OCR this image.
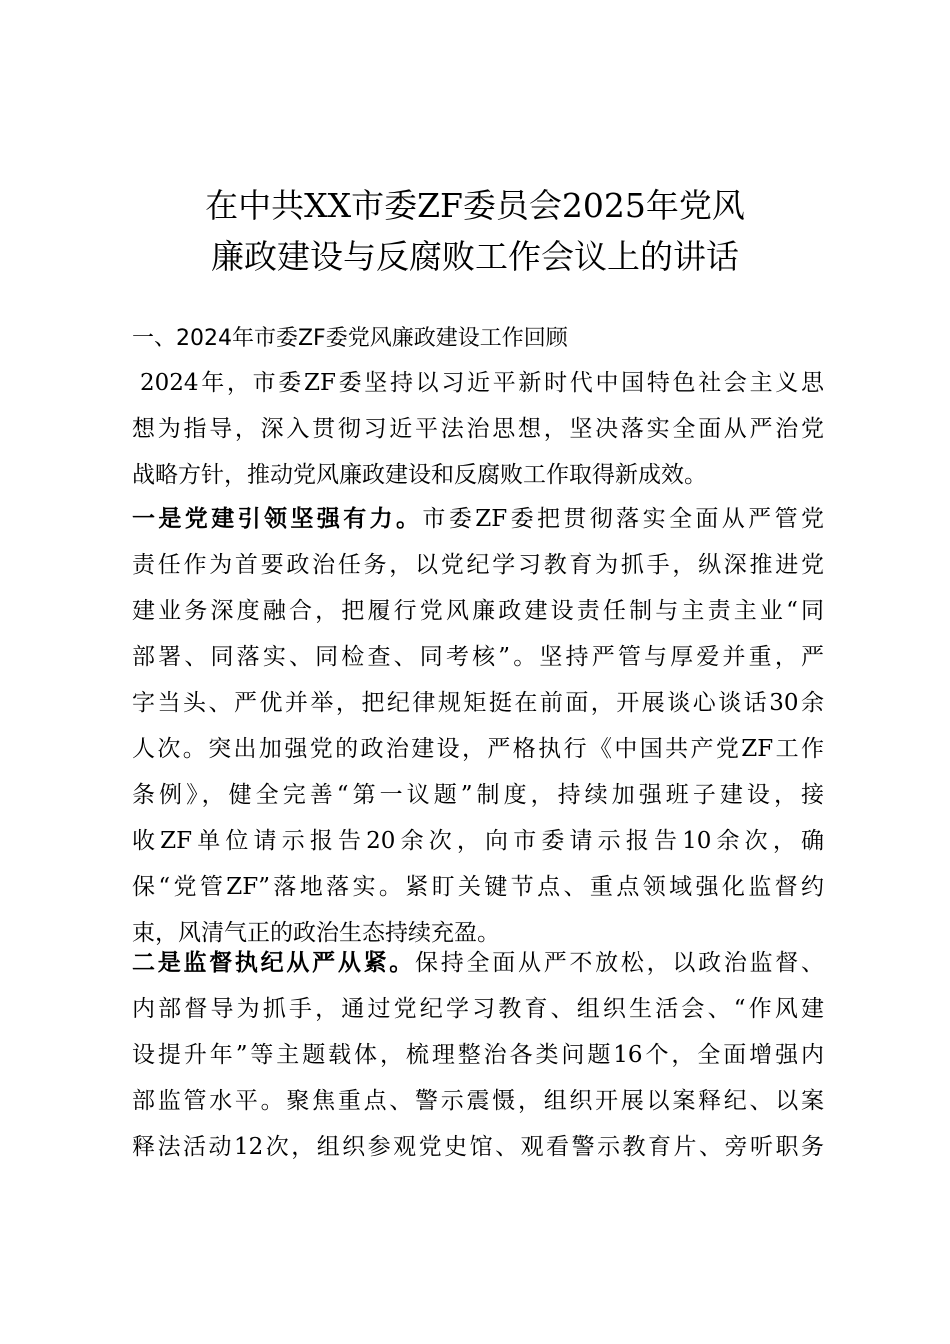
在中共XX市委ZF委员会2025年党风
廉政建设与反腐败工作会议上的讲话
一、2024年市委ZF委党风廉政建设工作回顾
2024年，市委ZF委坚持以习近平新时代中国特色社会主义思
想为指导，深入贯彻习近平法治思想，坚决落实全面从严治党
战略方针，推动党风廉政建设和反腐败工作取得新成效。
一是党建引领坚强有力。市委ZF委把贯彻落实全面从严管党
责任作为首要政治任务，以党纪学习教育为抓手，纵深推进党
建业务深度融合，把履行党风廉政建设责任制与主责主业“同
部署、同落实、同检查、同考核”。坚持严管与厚爱并重，严
字当头、严优并举，把纪律规矩挺在前面，开展谈心谈话30余
人次。突出加强党的政治建设，严格执行《中国共产党ZF工作
条例》，健全完善“第一议题”制度，持续加强班子建设，接
收ZF单位请示报告20余次，向市委请示报告10余次，确
保“党管ZF”落地落实。紧盯关键节点、重点领域强化监督约
束，风清气正的政治生态持续充盈。
二是监督执纪从严从紧。保持全面从严不放松，以政治监督、
内部督导为抓手，通过党纪学习教育、组织生活会、“作风建
设提升年”等主题载体，梳理整治各类问题16个，全面增强内
部监管水平。聚焦重点、警示震慑，组织开展以案释纪、以案
释法活动12次，组织参观党史馆、观看警示教育片、旁听职务
